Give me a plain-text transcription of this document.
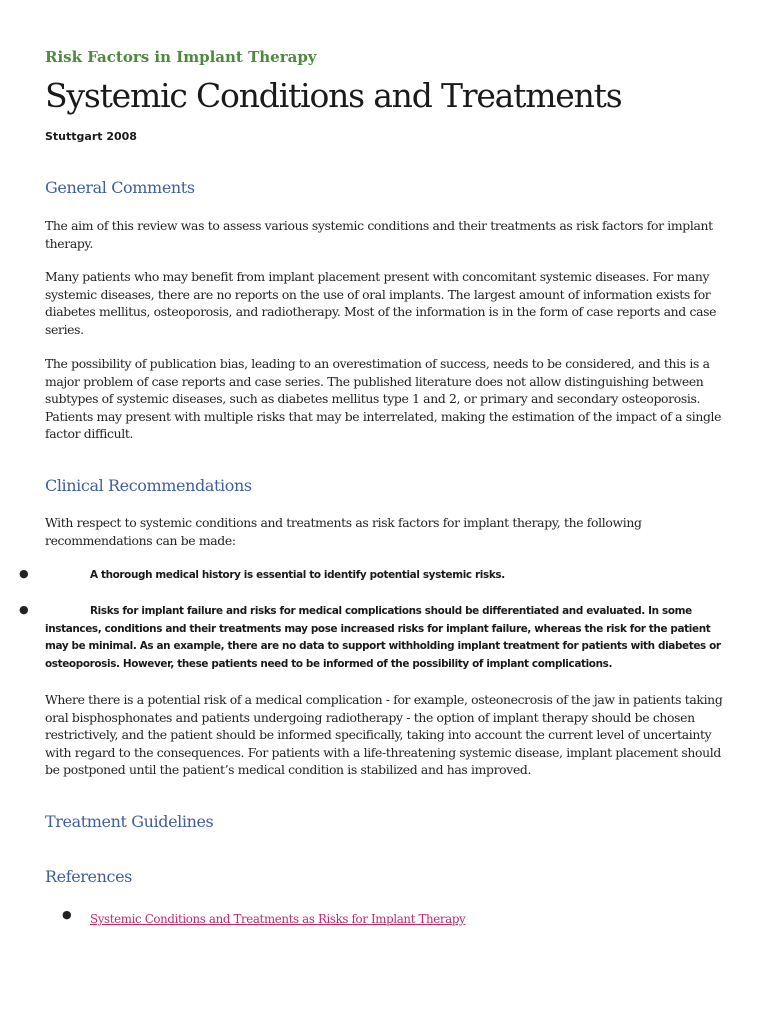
Risk Factors in Implant Therapy
Systemic Conditions and Treatments
Stuttgart 2008
General Comments

The aim of this review was to assess various systemic conditions and their treatments as risk factors for implant therapy.

Many patients who may benefit from implant placement present with concomitant systemic diseases. For many systemic diseases, there are no reports on the use of oral implants. The largest amount of information exists for diabetes mellitus, osteoporosis, and radiotherapy. Most of the information is in the form of case reports and case series.

The possibility of publication bias, leading to an overestimation of success, needs to be considered, and this is a major problem of case reports and case series. The published literature does not allow distinguishing between subtypes of systemic diseases, such as diabetes mellitus type 1 and 2, or primary and secondary osteoporosis. Patients may present with multiple risks that may be interrelated, making the estimation of the impact of a single factor difficult.

Clinical Recommendations

With respect to systemic conditions and treatments as risk factors for implant therapy, the following recommendations can be made:

●	A thorough medical history is essential to identify potential systemic risks.

●	Risks for implant failure and risks for medical complications should be differentiated and evaluated. In some instances, conditions and their treatments may pose increased risks for implant failure, whereas the risk for the patient may be minimal. As an example, there are no data to support withholding implant treatment for patients with diabetes or osteoporosis. However, these patients need to be informed of the possibility of implant complications.

Where there is a potential risk of a medical complication - for example, osteonecrosis of the jaw in patients taking oral bisphosphonates and patients undergoing radiotherapy - the option of implant therapy should be chosen restrictively, and the patient should be informed specifically, taking into account the current level of uncertainty with regard to the consequences. For patients with a life-threatening systemic disease, implant placement should be postponed until the patient’s medical condition is stabilized and has improved.

Treatment Guidelines
References
● Systemic Conditions and Treatments as Risks for Implant Therapy
